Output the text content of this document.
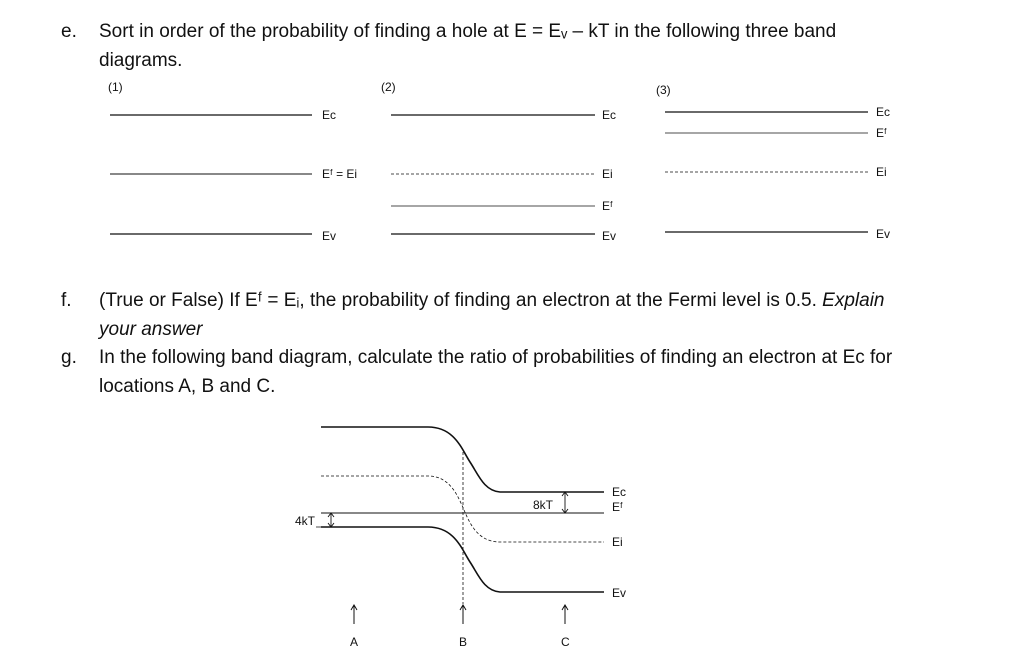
e. Sort in order of the probability of finding a hole at E = Eᵥ – kT in the following three band
diagrams.
f. (True or False) If Eᶠ = Eᵢ, the probability of finding an electron at the Fermi level is 0.5. Explain
your answer
g. In the following band diagram, calculate the ratio of probabilities of finding an electron at Eᴄ for
locations A, B and C.
(1)
Ec
Eᶠ = Ei
Ev
(2)
Ec
Ei
Eᶠ
Ev
(3)
Ec
Eᶠ
Ei
Ev
4kT
8kT
Ec
Eᶠ
Ei
Ev
A	B	C
